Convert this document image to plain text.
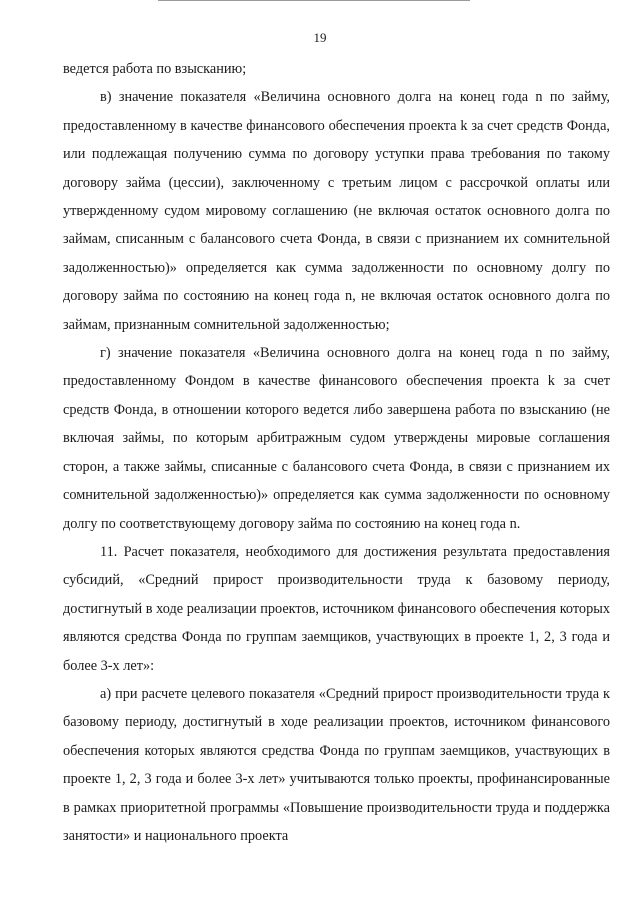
19

ведется работа по взысканию;

в) значение показателя «Величина основного долга на конец года n по займу, предоставленному в качестве финансового обеспечения проекта k за счет средств Фонда, или подлежащая получению сумма по договору уступки права требования по такому договору займа (цессии), заключенному с третьим лицом с рассрочкой оплаты или утвержденному судом мировому соглашению (не включая остаток основного долга по займам, списанным с балансового счета Фонда, в связи с признанием их сомнительной задолженностью)» определяется как сумма задолженности по основному долгу по договору займа по состоянию на конец года n, не включая остаток основного долга по займам, признанным сомнительной задолженностью;

г) значение показателя «Величина основного долга на конец года n по займу, предоставленному Фондом в качестве финансового обеспечения проекта k за счет средств Фонда, в отношении которого ведется либо завершена работа по взысканию (не включая займы, по которым арбитражным судом утверждены мировые соглашения сторон, а также займы, списанные с балансового счета Фонда, в связи с признанием их сомнительной задолженностью)» определяется как сумма задолженности по основному долгу по соответствующему договору займа по состоянию на конец года n.

11. Расчет показателя, необходимого для достижения результата предоставления субсидий, «Средний прирост производительности труда к базовому периоду, достигнутый в ходе реализации проектов, источником финансового обеспечения которых являются средства Фонда по группам заемщиков, участвующих в проекте 1, 2, 3 года и более 3-х лет»:

а) при расчете целевого показателя «Средний прирост производительности труда к базовому периоду, достигнутый в ходе реализации проектов, источником финансового обеспечения которых являются средства Фонда по группам заемщиков, участвующих в проекте 1, 2, 3 года и более 3-х лет» учитываются только проекты, профинансированные в рамках приоритетной программы «Повышение производительности труда и поддержка занятости» и национального проекта
